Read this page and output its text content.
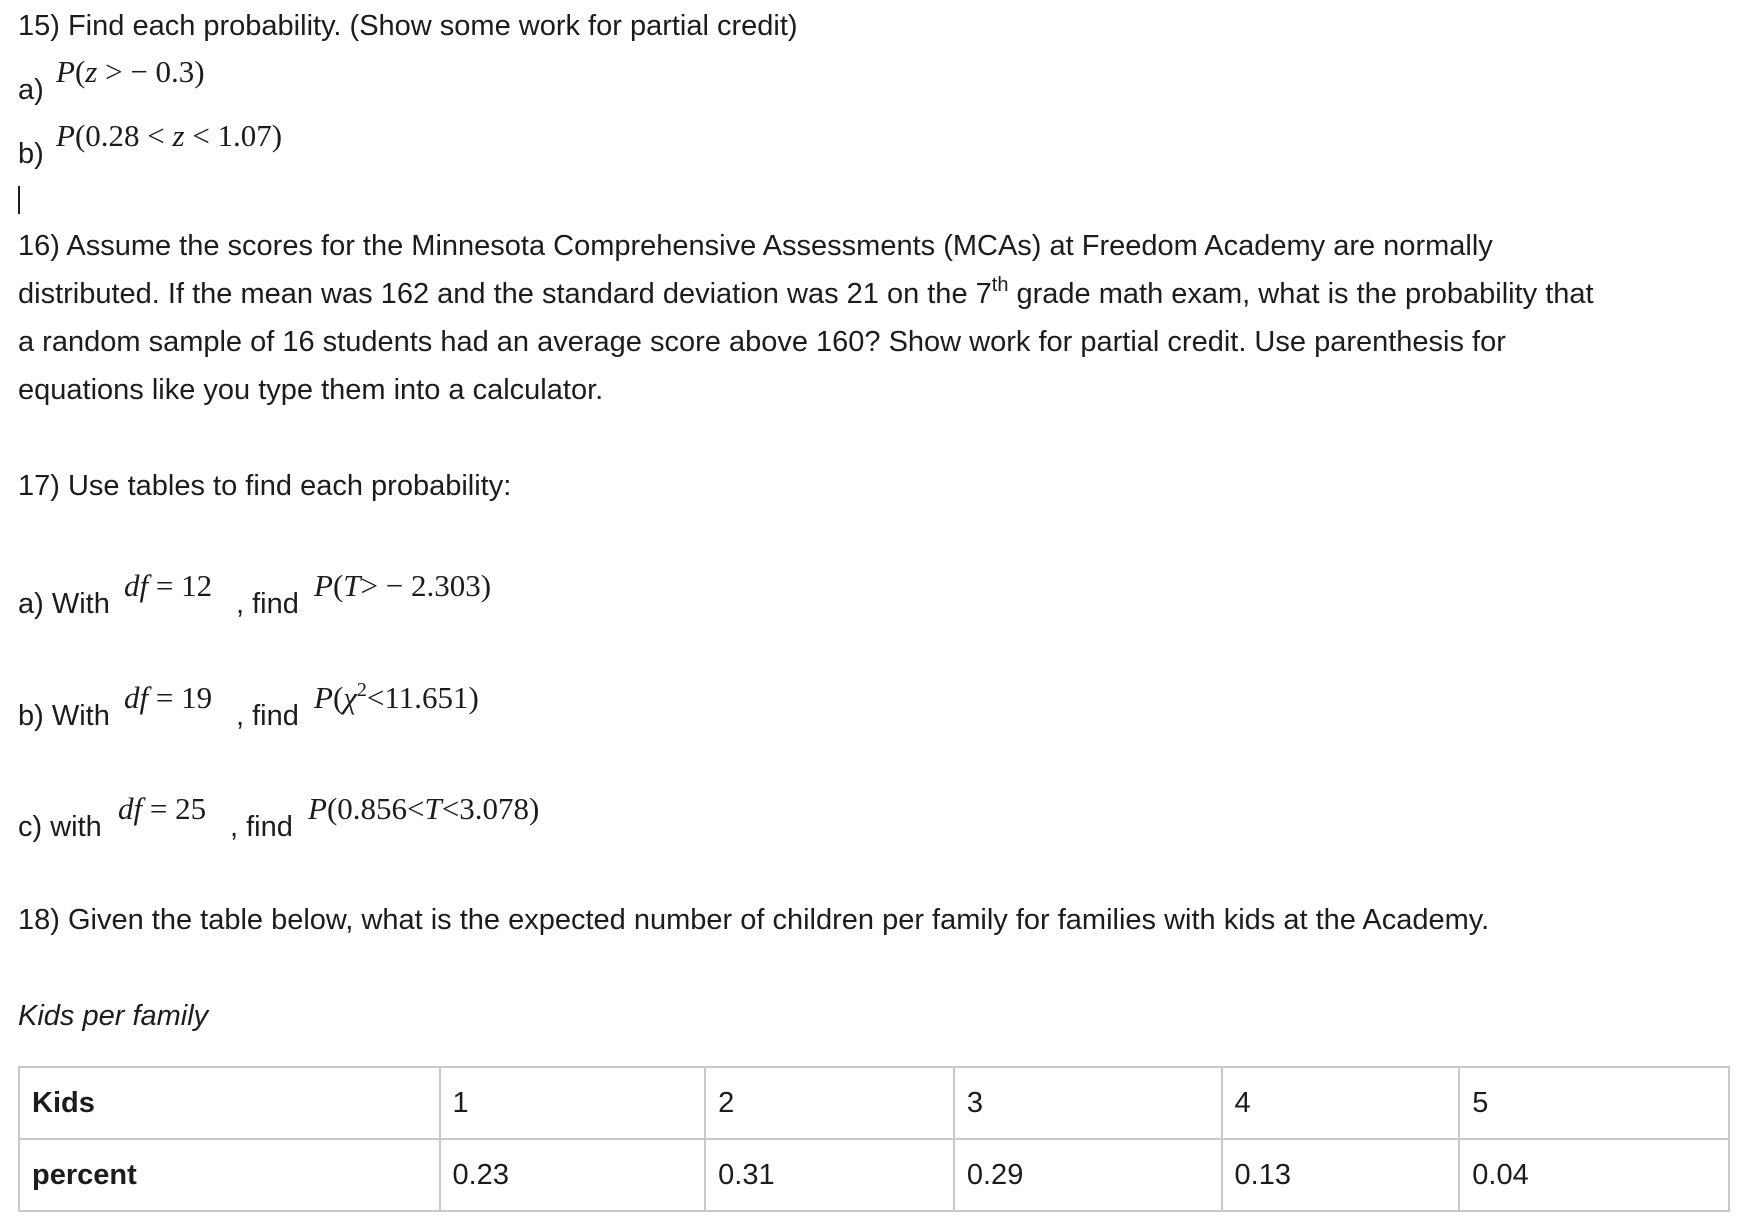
15) Find each probability. (Show some work for partial credit)
a)
P(z > − 0.3)
b)
P(0.28 < z < 1.07)

16) Assume the scores for the Minnesota Comprehensive Assessments (MCAs) at Freedom Academy are normally

distributed. If the mean was 162 and the standard deviation was 21 on the 7th grade math exam, what is the probability that

a random sample of 16 students had an average score above 160? Show work for partial credit. Use parenthesis for

equations like you type them into a calculator.

17) Use tables to find each probability:
a) With
df = 12
, find
P(T> − 2.303)
b) With
df = 19
, find
$P(\chi^2<11.651)$
c) with
df = 25
, find
P(0.856<T<3.078)
18) Given the table below, what is the expected number of children per family for families with kids at the Academy.
Kids per family
Kids	1	2	3	4	5
percent	0.23	0.31	0.29	0.13	0.04
